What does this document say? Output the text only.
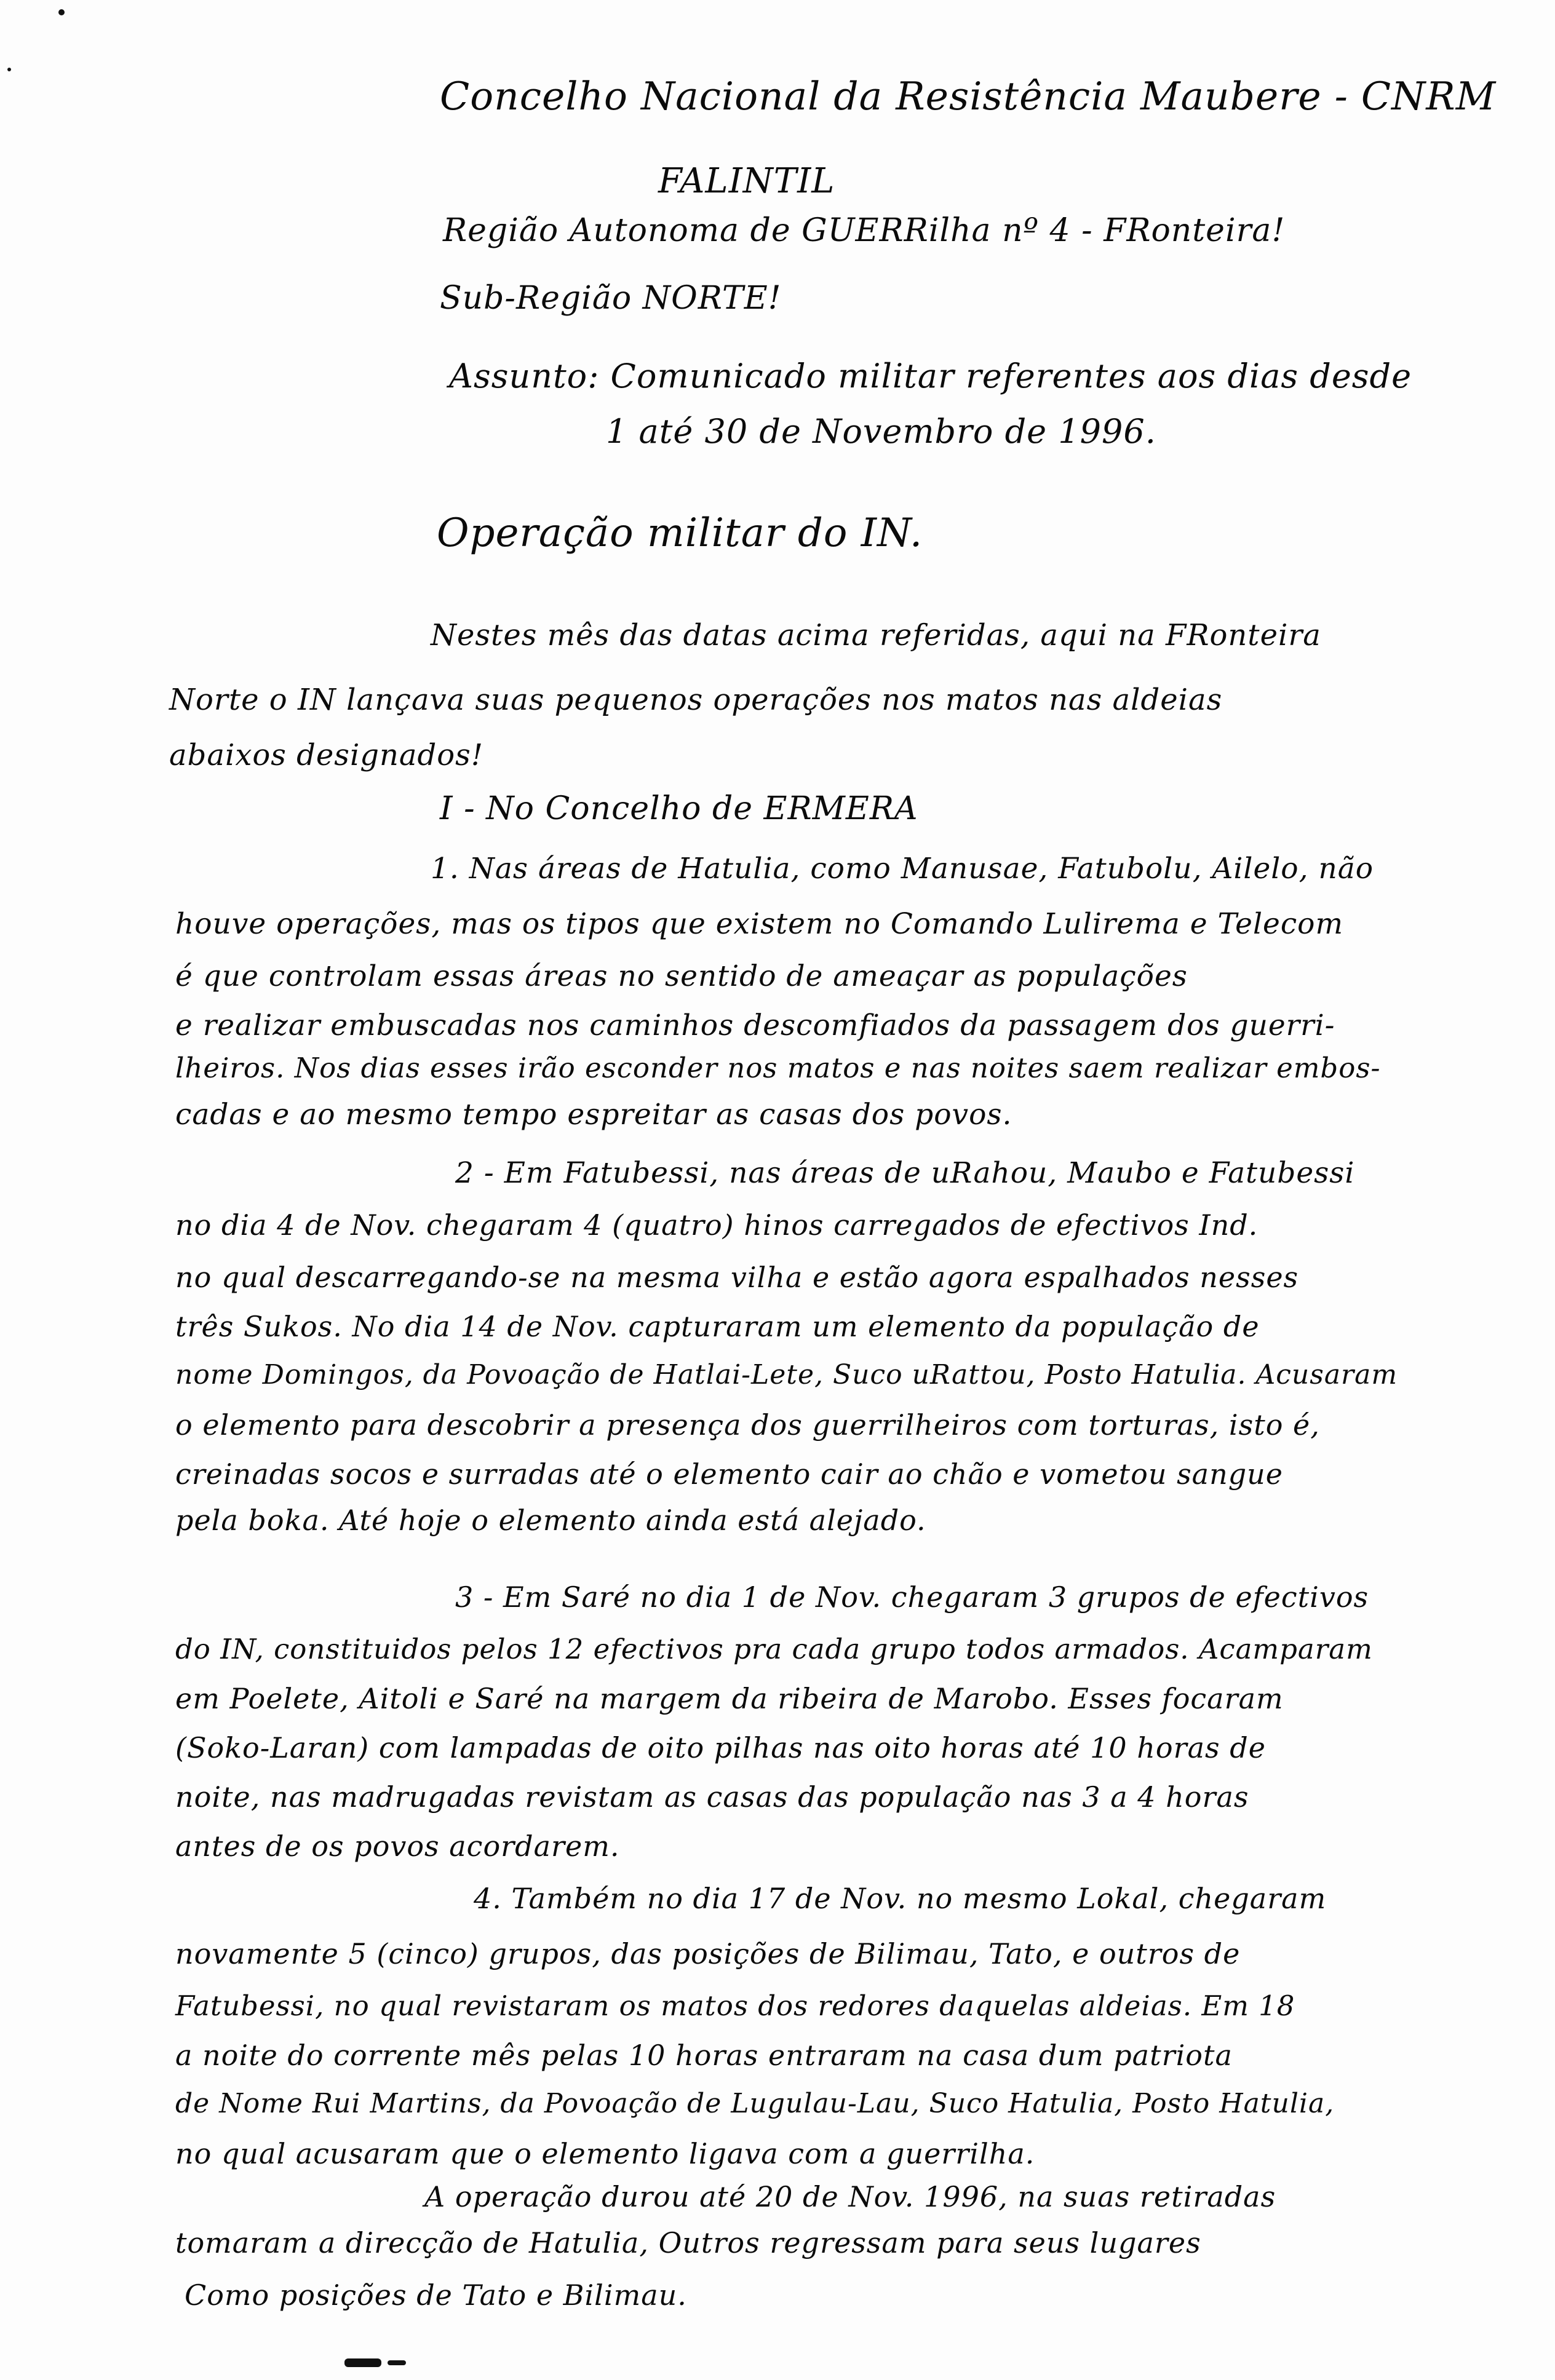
Concelho Nacional da Resistência Maubere - CNRM
FALINTIL
Região Autonoma de GUERRilha nº 4 - FRonteira!
Sub-Região NORTE!
Assunto: Comunicado militar referentes aos dias desde
1 até 30 de Novembro de 1996.
Operação militar do IN.
Nestes mês das datas acima referidas, aqui na FRonteira
Norte o IN lançava suas pequenos operações nos matos nas aldeias
abaixos designados!
I - No Concelho de ERMERA
1. Nas áreas de Hatulia, como Manusae, Fatubolu, Ailelo, não
houve operações, mas os tipos que existem no Comando Lulirema e Telecom
é que controlam essas áreas no sentido de ameaçar as populações
e realizar embuscadas nos caminhos descomfiados da passagem dos guerri-
lheiros. Nos dias esses irão esconder nos matos e nas noites saem realizar embos-
cadas e ao mesmo tempo espreitar as casas dos povos.
2 - Em Fatubessi, nas áreas de uRahou, Maubo e Fatubessi
no dia 4 de Nov. chegaram 4 (quatro) hinos carregados de efectivos Ind.
no qual descarregando-se na mesma vilha e estão agora espalhados nesses
três Sukos. No dia 14 de Nov. capturaram um elemento da população de
nome Domingos, da Povoação de Hatlai-Lete, Suco uRattou, Posto Hatulia. Acusaram
o elemento para descobrir a presença dos guerrilheiros com torturas, isto é,
creinadas socos e surradas até o elemento cair ao chão e vometou sangue
pela boka. Até hoje o elemento ainda está alejado.
3 - Em Saré no dia 1 de Nov. chegaram 3 grupos de efectivos
do IN, constituidos pelos 12 efectivos pra cada grupo todos armados. Acamparam
em Poelete, Aitoli e Saré na margem da ribeira de Marobo. Esses focaram
(Soko-Laran) com lampadas de oito pilhas nas oito horas até 10 horas de
noite, nas madrugadas revistam as casas das população nas 3 a 4 horas
antes de os povos acordarem.
4. Também no dia 17 de Nov. no mesmo Lokal, chegaram
novamente 5 (cinco) grupos, das posições de Bilimau, Tato, e outros de
Fatubessi, no qual revistaram os matos dos redores daquelas aldeias. Em 18
a noite do corrente mês pelas 10 horas entraram na casa dum patriota
de Nome Rui Martins, da Povoação de Lugulau-Lau, Suco Hatulia, Posto Hatulia,
no qual acusaram que o elemento ligava com a guerrilha.
A operação durou até 20 de Nov. 1996, na suas retiradas
tomaram a direcção de Hatulia, Outros regressam para seus lugares
Como posições de Tato e Bilimau.
